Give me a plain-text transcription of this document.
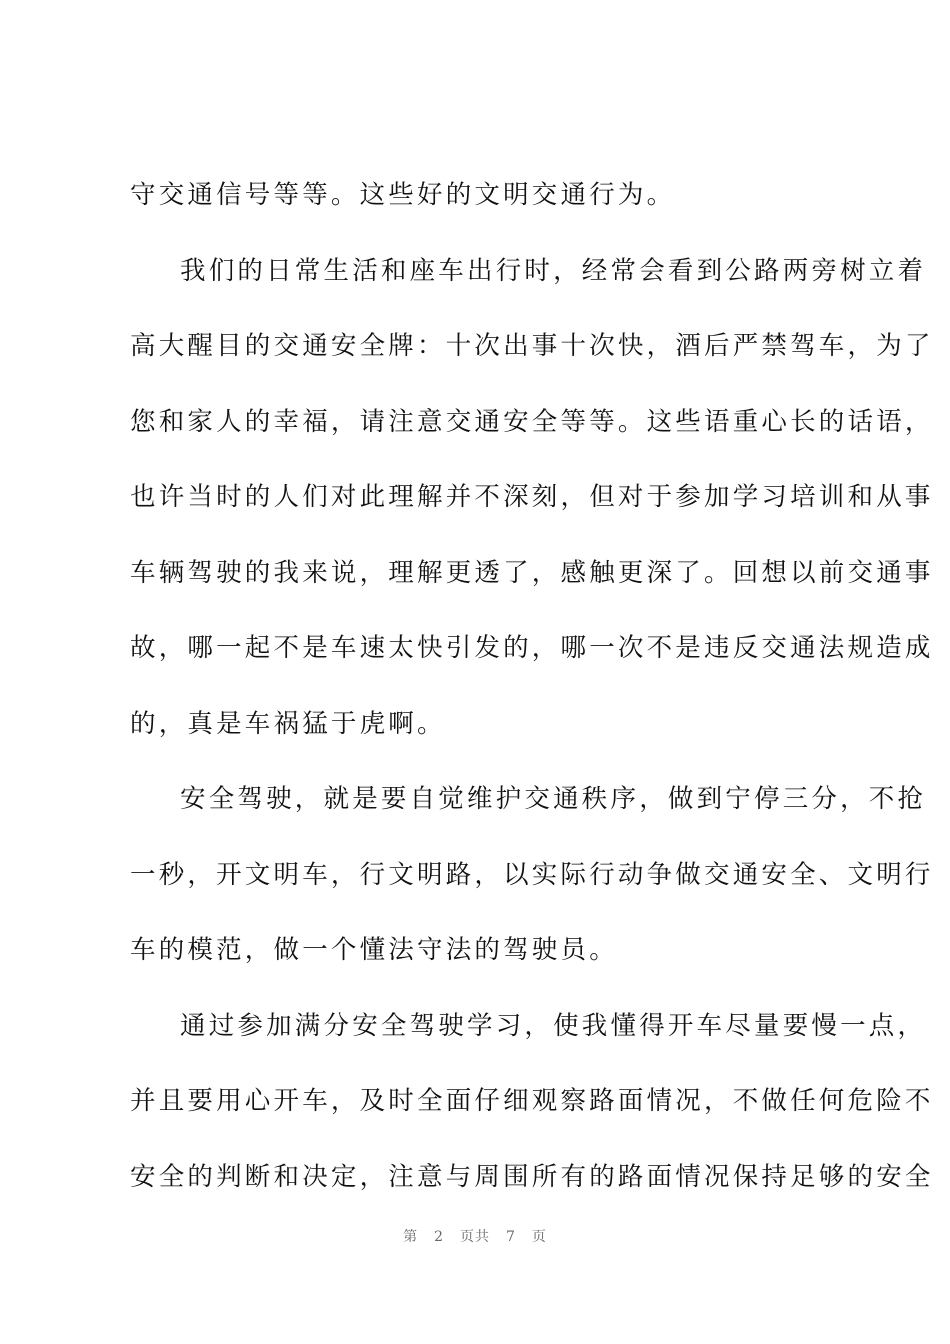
守交通信号等等。这些好的文明交通行为。
我们的日常生活和座车出行时，经常会看到公路两旁树立着
高大醒目的交通安全牌：十次出事十次快，酒后严禁驾车，为了
您和家人的幸福，请注意交通安全等等。这些语重心长的话语，
也许当时的人们对此理解并不深刻，但对于参加学习培训和从事
车辆驾驶的我来说，理解更透了，感触更深了。回想以前交通事
故，哪一起不是车速太快引发的，哪一次不是违反交通法规造成
的，真是车祸猛于虎啊。
安全驾驶，就是要自觉维护交通秩序，做到宁停三分，不抢
一秒，开文明车，行文明路，以实际行动争做交通安全、文明行
车的模范，做一个懂法守法的驾驶员。
通过参加满分安全驾驶学习，使我懂得开车尽量要慢一点，
并且要用心开车，及时全面仔细观察路面情况，不做任何危险不
安全的判断和决定，注意与周围所有的路面情况保持足够的安全
第 2 页共 7 页
